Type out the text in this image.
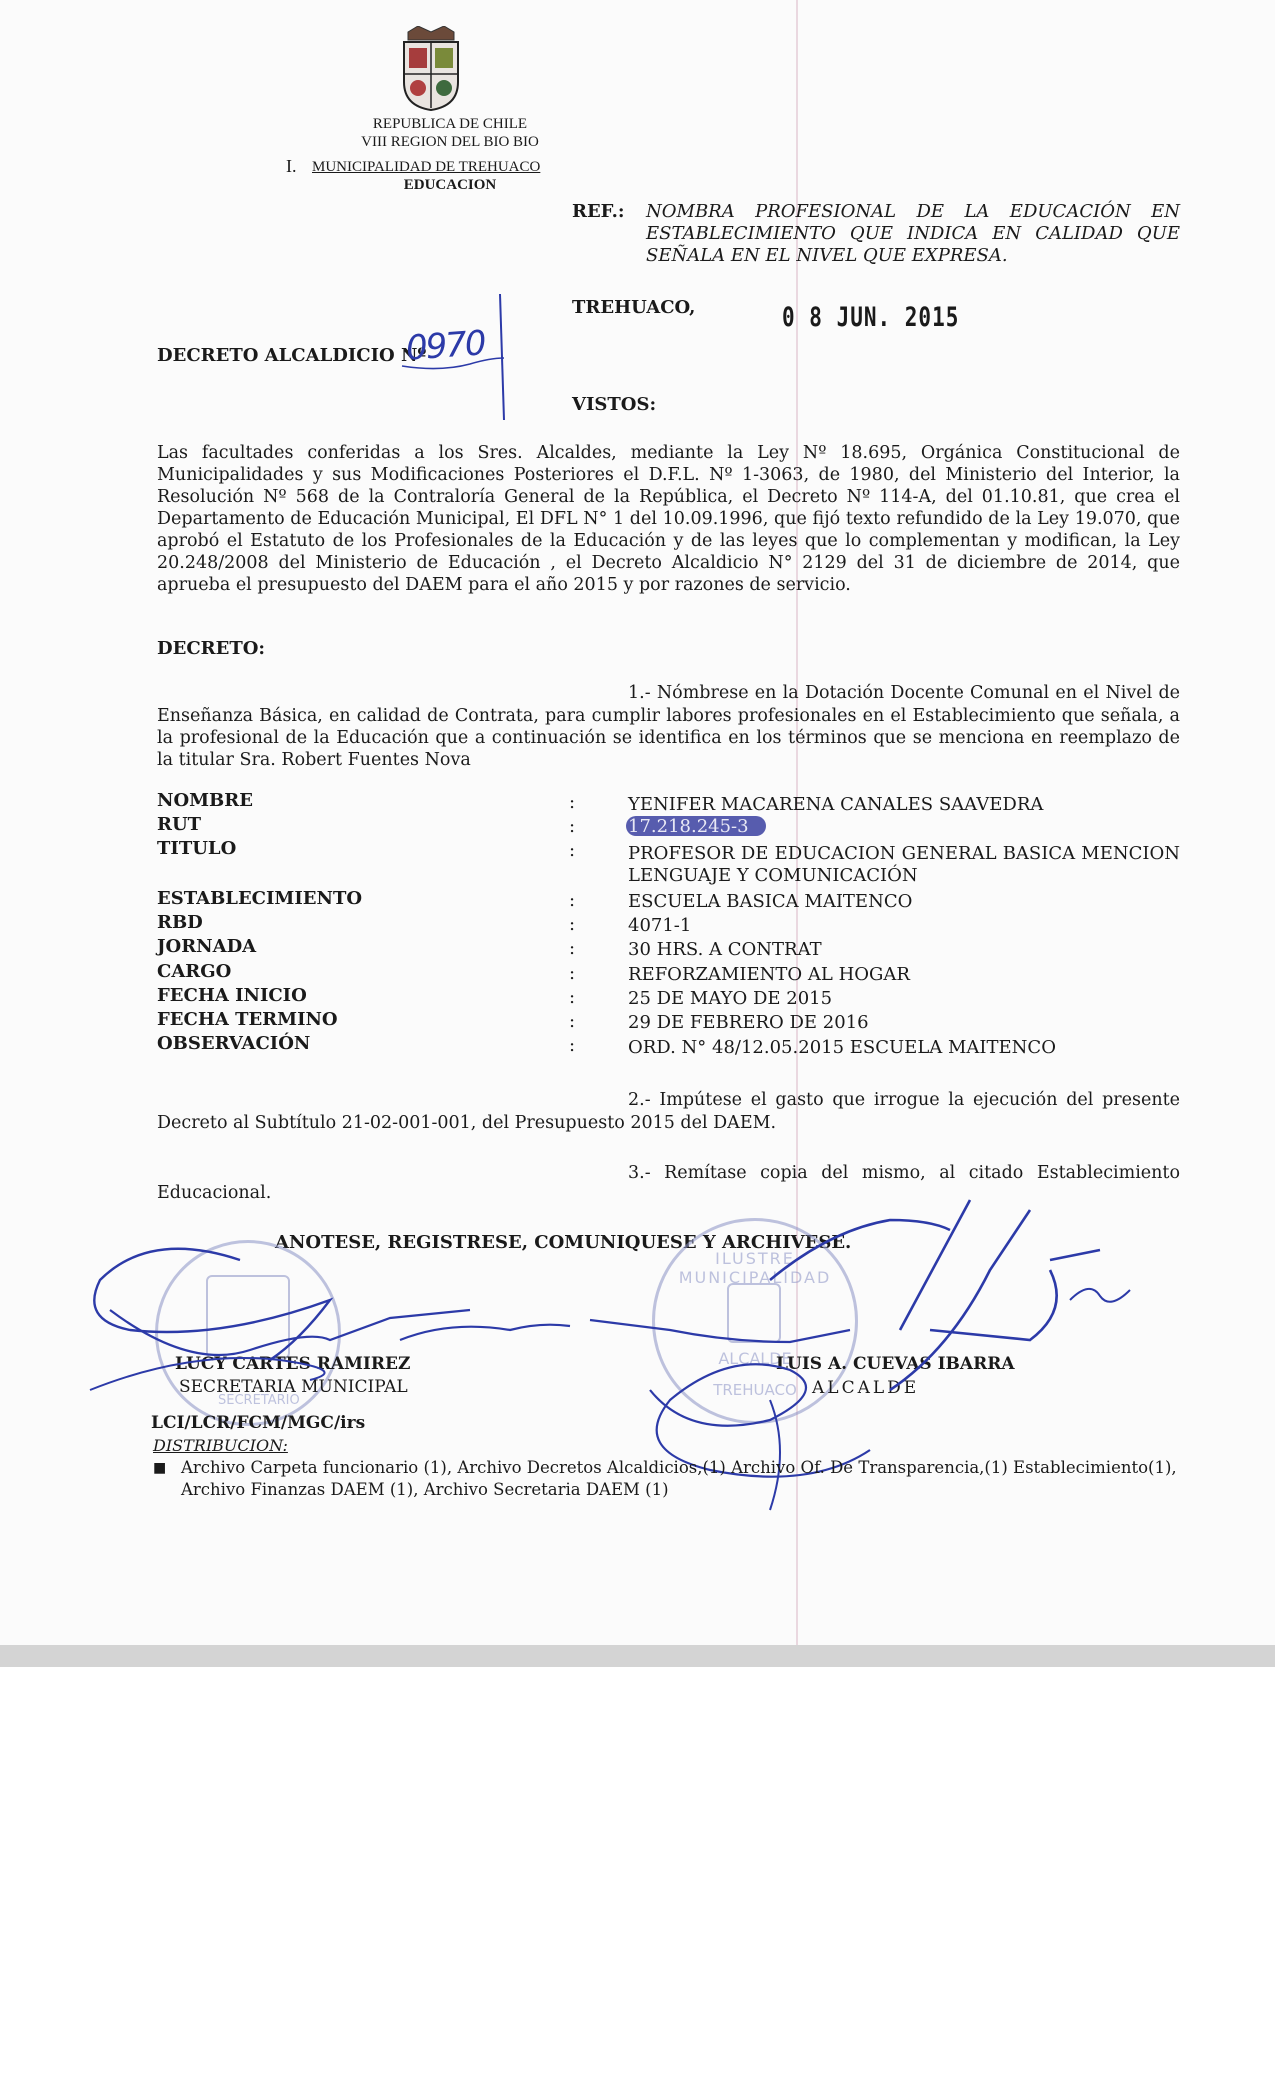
REPUBLICA DE CHILE
VIII REGION DEL BIO BIO
I. MUNICIPALIDAD DE TREHUACO
EDUCACION
REF.: NOMBRA PROFESIONAL DE LA EDUCACIÓN EN ESTABLECIMIENTO QUE INDICA EN CALIDAD QUE SEÑALA EN EL NIVEL QUE EXPRESA.
TREHUACO,	0 8 JUN. 2015
DECRETO ALCALDICIO Nº
0970
VISTOS:
Las facultades conferidas a los Sres. Alcaldes, mediante la Ley Nº 18.695, Orgánica Constitucional de Municipalidades y sus Modificaciones Posteriores el D.F.L. Nº 1-3063, de 1980, del Ministerio del Interior, la Resolución Nº 568 de la Contraloría General de la República, el Decreto Nº 114-A, del 01.10.81, que crea el Departamento de Educación Municipal, El DFL N° 1 del 10.09.1996, que fijó texto refundido de la Ley 19.070, que aprobó el Estatuto de los Profesionales de la Educación y de las leyes que lo complementan y modifican, la Ley 20.248/2008 del Ministerio de Educación , el Decreto Alcaldicio N° 2129 del 31 de diciembre de 2014, que aprueba el presupuesto del DAEM para el año 2015 y por razones de servicio.
DECRETO:
1.- Nómbrese en la Dotación Docente Comunal en el Nivel de
Enseñanza Básica, en calidad de Contrata, para cumplir labores profesionales en el Establecimiento que señala, a la profesional de la Educación que a continuación se identifica en los términos que se menciona en reemplazo de la titular Sra. Robert Fuentes Nova
NOMBRE	:	YENIFER MACARENA CANALES SAAVEDRA
RUT	:	17.218.245-3
TITULO	:	PROFESOR DE EDUCACION GENERAL BASICA MENCION LENGUAJE Y COMUNICACIÓN
ESTABLECIMIENTO	:	ESCUELA BASICA MAITENCO
RBD	:	4071-1
JORNADA	:	30 HRS. A CONTRAT
CARGO	:	REFORZAMIENTO AL HOGAR
FECHA INICIO	:	25 DE MAYO DE 2015
FECHA TERMINO	:	29 DE FEBRERO DE 2016
OBSERVACIÓN	:	ORD. N° 48/12.05.2015 ESCUELA MAITENCO
2.- Impútese el gasto que irrogue la ejecución del presente
Decreto al Subtítulo 21-02-001-001, del Presupuesto 2015 del DAEM.
3.- Remítase copia del mismo, al citado Establecimiento
Educacional.
ANOTESE, REGISTRESE, COMUNIQUESE Y ARCHIVESE.
SECRETARIO
ILUSTRE MUNICIPALIDAD
ALCALDE
TREHUACO
LUCY CARTES RAMIREZ
SECRETARIA MUNICIPAL
LUIS A. CUEVAS IBARRA
ALCALDE
LCI/LCR/FCM/MGC/irs
DISTRIBUCION:
■ Archivo Carpeta funcionario (1), Archivo Decretos Alcaldicios,(1) Archivo Of. De Transparencia,(1) Establecimiento(1), Archivo Finanzas DAEM (1), Archivo Secretaria DAEM (1)
